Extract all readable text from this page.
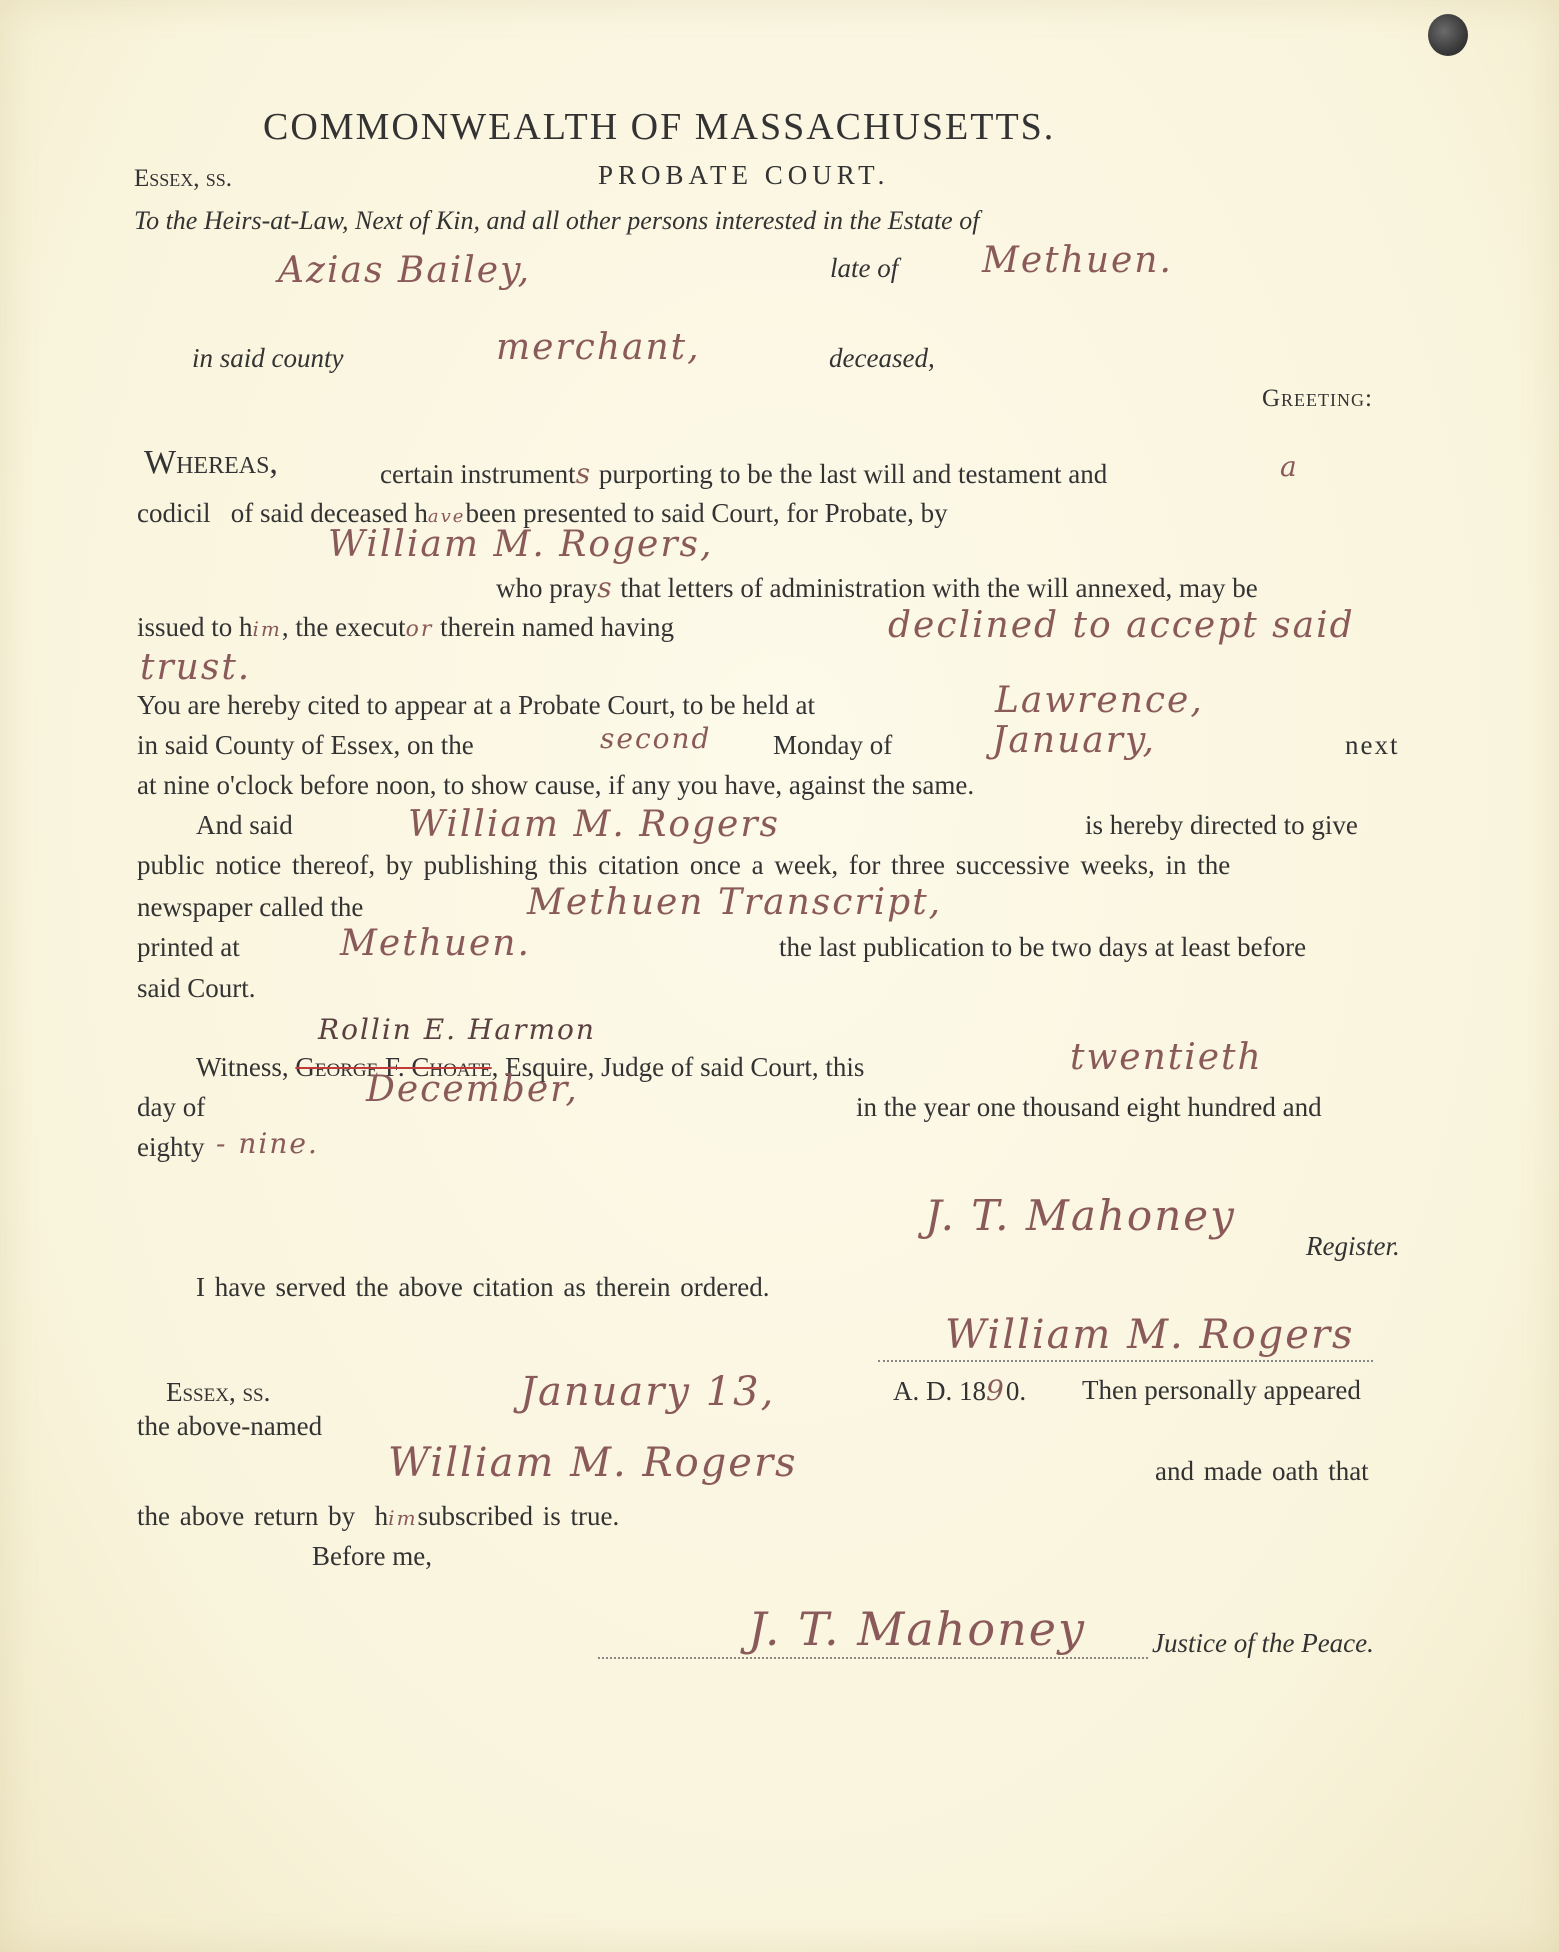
COMMONWEALTH OF MASSACHUSETTS.
Essex, ss.	PROBATE COURT.
To the Heirs-at-Law, Next of Kin, and all other persons interested in the Estate of
Azias Bailey,	late of Methuen.
in said county	merchant,	deceased,
Greeting:
Whereas,	certain instruments purporting to be the last will and testament and	a
codicil of said deceased havebeen presented to said Court, for Probate, by
William M. Rogers,
who prays that letters of administration with the will annexed, may be
issued to him, the executor therein named having	declined to accept said
trust.
You are hereby cited to appear at a Probate Court, to be held at	Lawrence,
in said County of Essex, on the	second Monday of	January,	next
at nine o'clock before noon, to show cause, if any you have, against the same.
And said	William M. Rogers	is hereby directed to give
public notice thereof, by publishing this citation once a week, for three successive weeks, in the
newspaper called the	Methuen Transcript,
printed at	Methuen.	the last publication to be two days at least before
said Court.
Rollin E. Harmon
Witness, George F. Choate, Esquire, Judge of said Court, this	twentieth
day of	December,	in the year one thousand eight hundred and
eighty - nine.
J. T. Mahoney
Register.
I have served the above citation as therein ordered.
William M. Rogers
Essex, ss.	January 13,	A. D. 1890. Then personally appeared
the above-named
William M. Rogers	and made oath that
the above return by himsubscribed is true.
Before me,
J. T. Mahoney Justice of the Peace.
